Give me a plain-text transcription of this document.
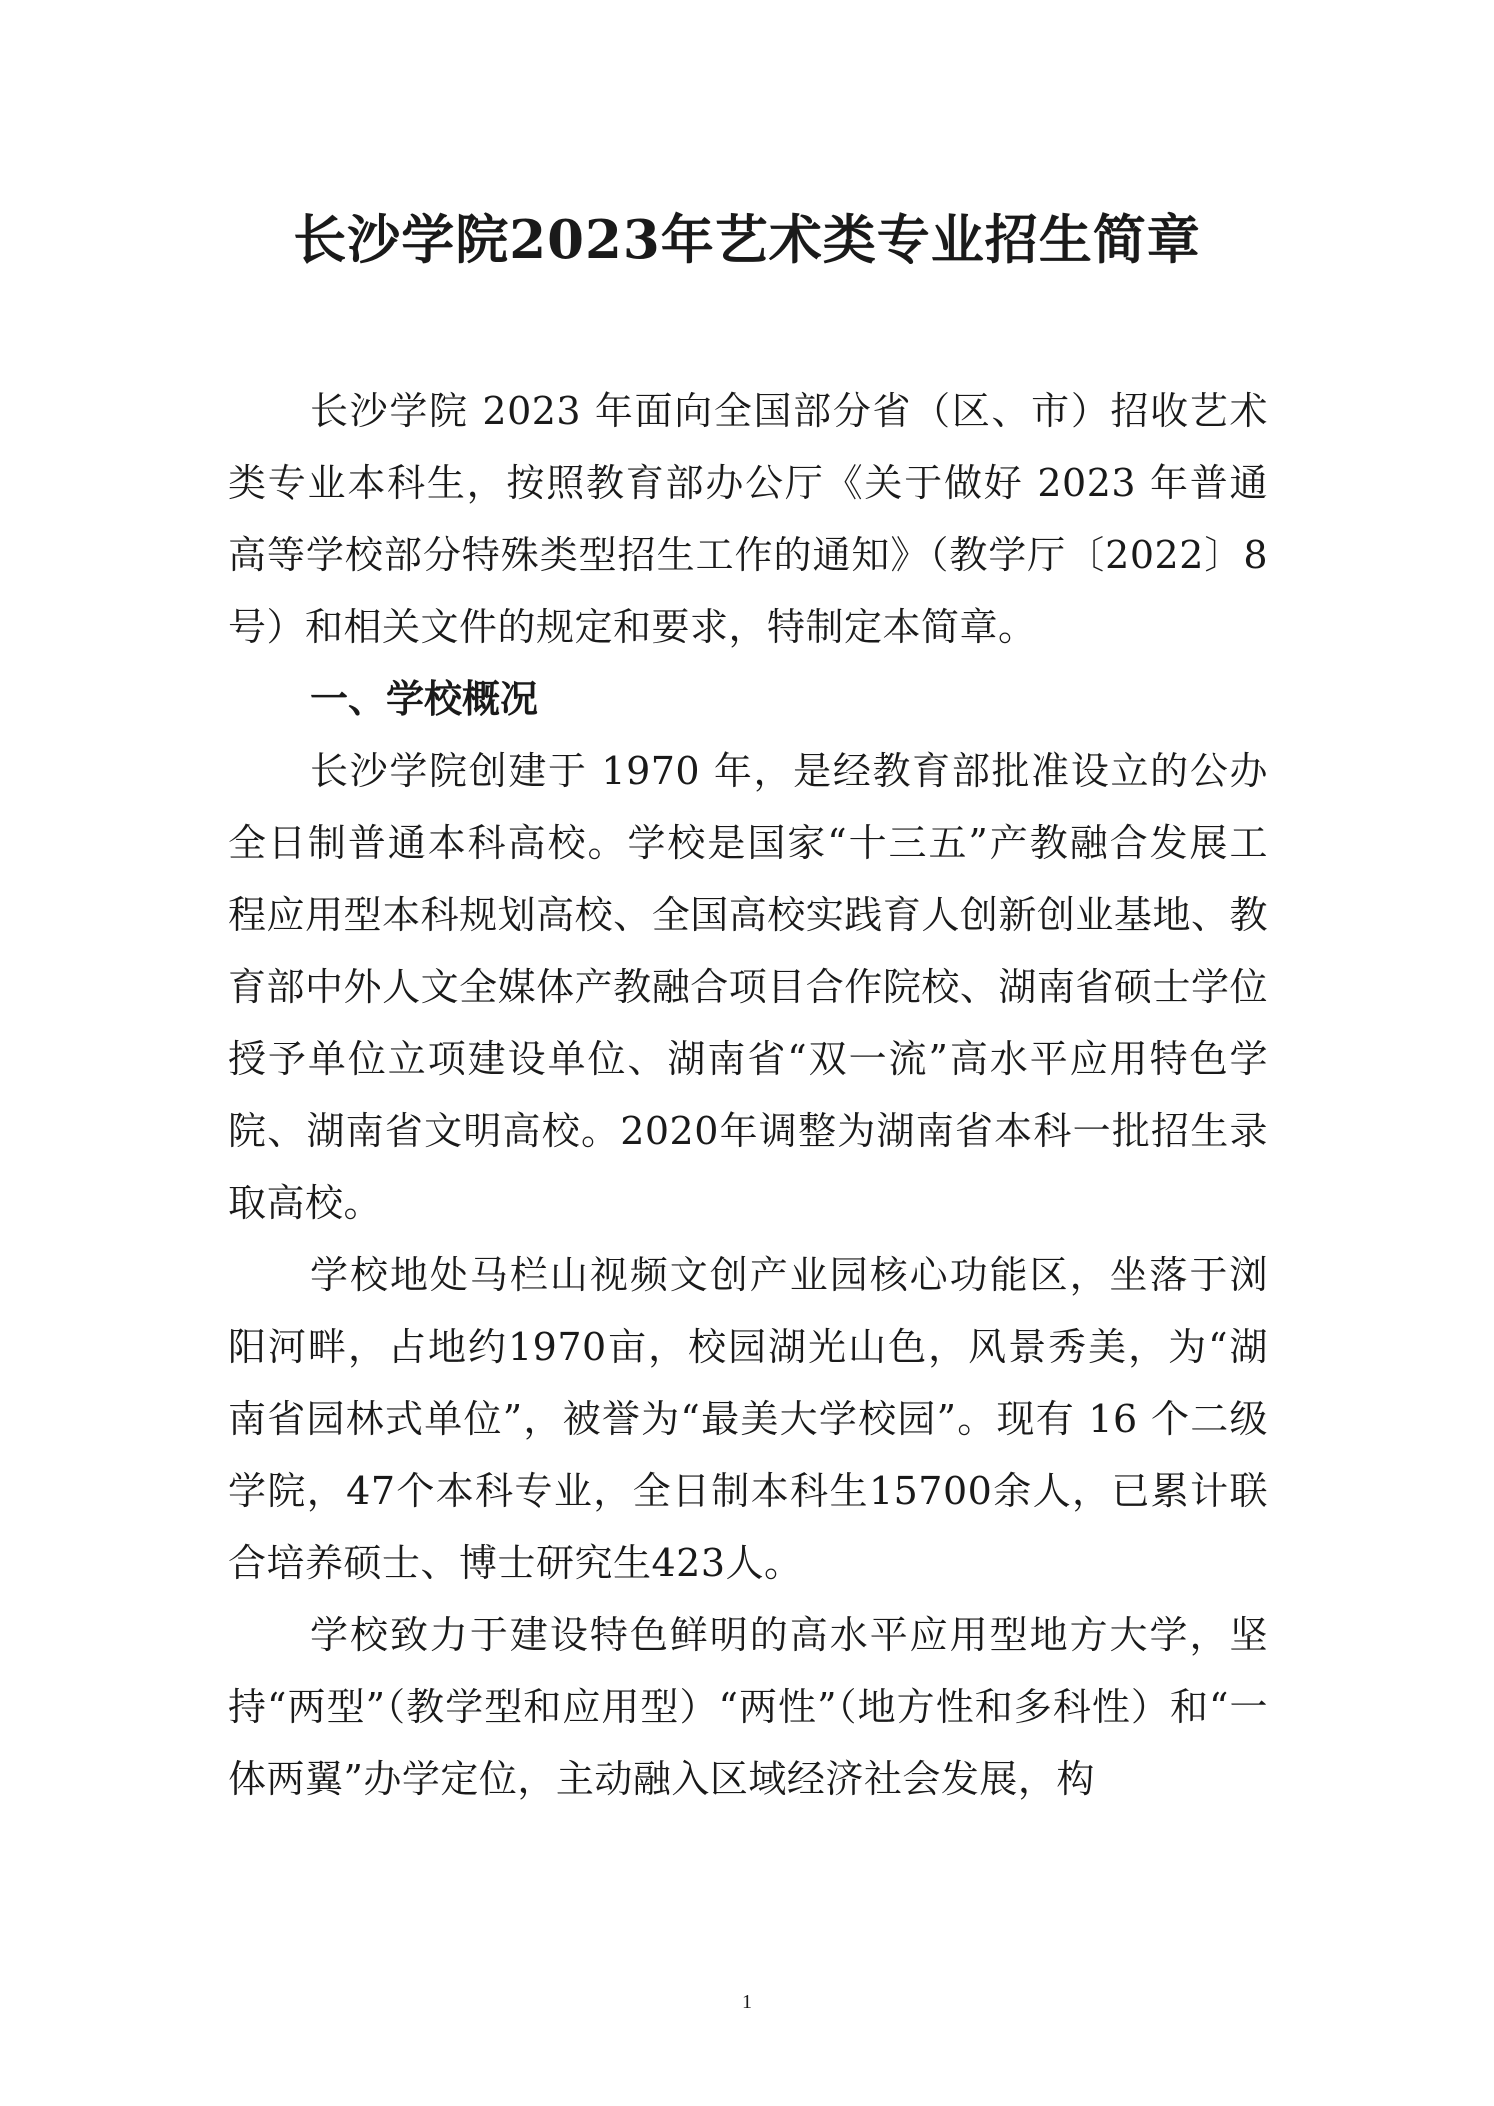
长沙学院2023年艺术类专业招生简章

长沙学院 2023 年面向全国部分省（区、市）招收艺术类专业本科生，按照教育部办公厅《关于做好 2023 年普通高等学校部分特殊类型招生工作的通知》（教学厅〔2022〕8号）和相关文件的规定和要求，特制定本简章。

一、学校概况

长沙学院创建于 1970 年，是经教育部批准设立的公办全日制普通本科高校。学校是国家“十三五”产教融合发展工程应用型本科规划高校、全国高校实践育人创新创业基地、教育部中外人文全媒体产教融合项目合作院校、湖南省硕士学位授予单位立项建设单位、湖南省“双一流”高水平应用特色学院、湖南省文明高校。2020年调整为湖南省本科一批招生录取高校。

学校地处马栏山视频文创产业园核心功能区，坐落于浏阳河畔，占地约1970亩，校园湖光山色，风景秀美，为“湖南省园林式单位”，被誉为“最美大学校园”。现有 16 个二级学院，47个本科专业，全日制本科生15700余人，已累计联合培养硕士、博士研究生423人。

学校致力于建设特色鲜明的高水平应用型地方大学，坚持“两型”（教学型和应用型）“两性”（地方性和多科性）和“一体两翼”办学定位，主动融入区域经济社会发展，构

1
